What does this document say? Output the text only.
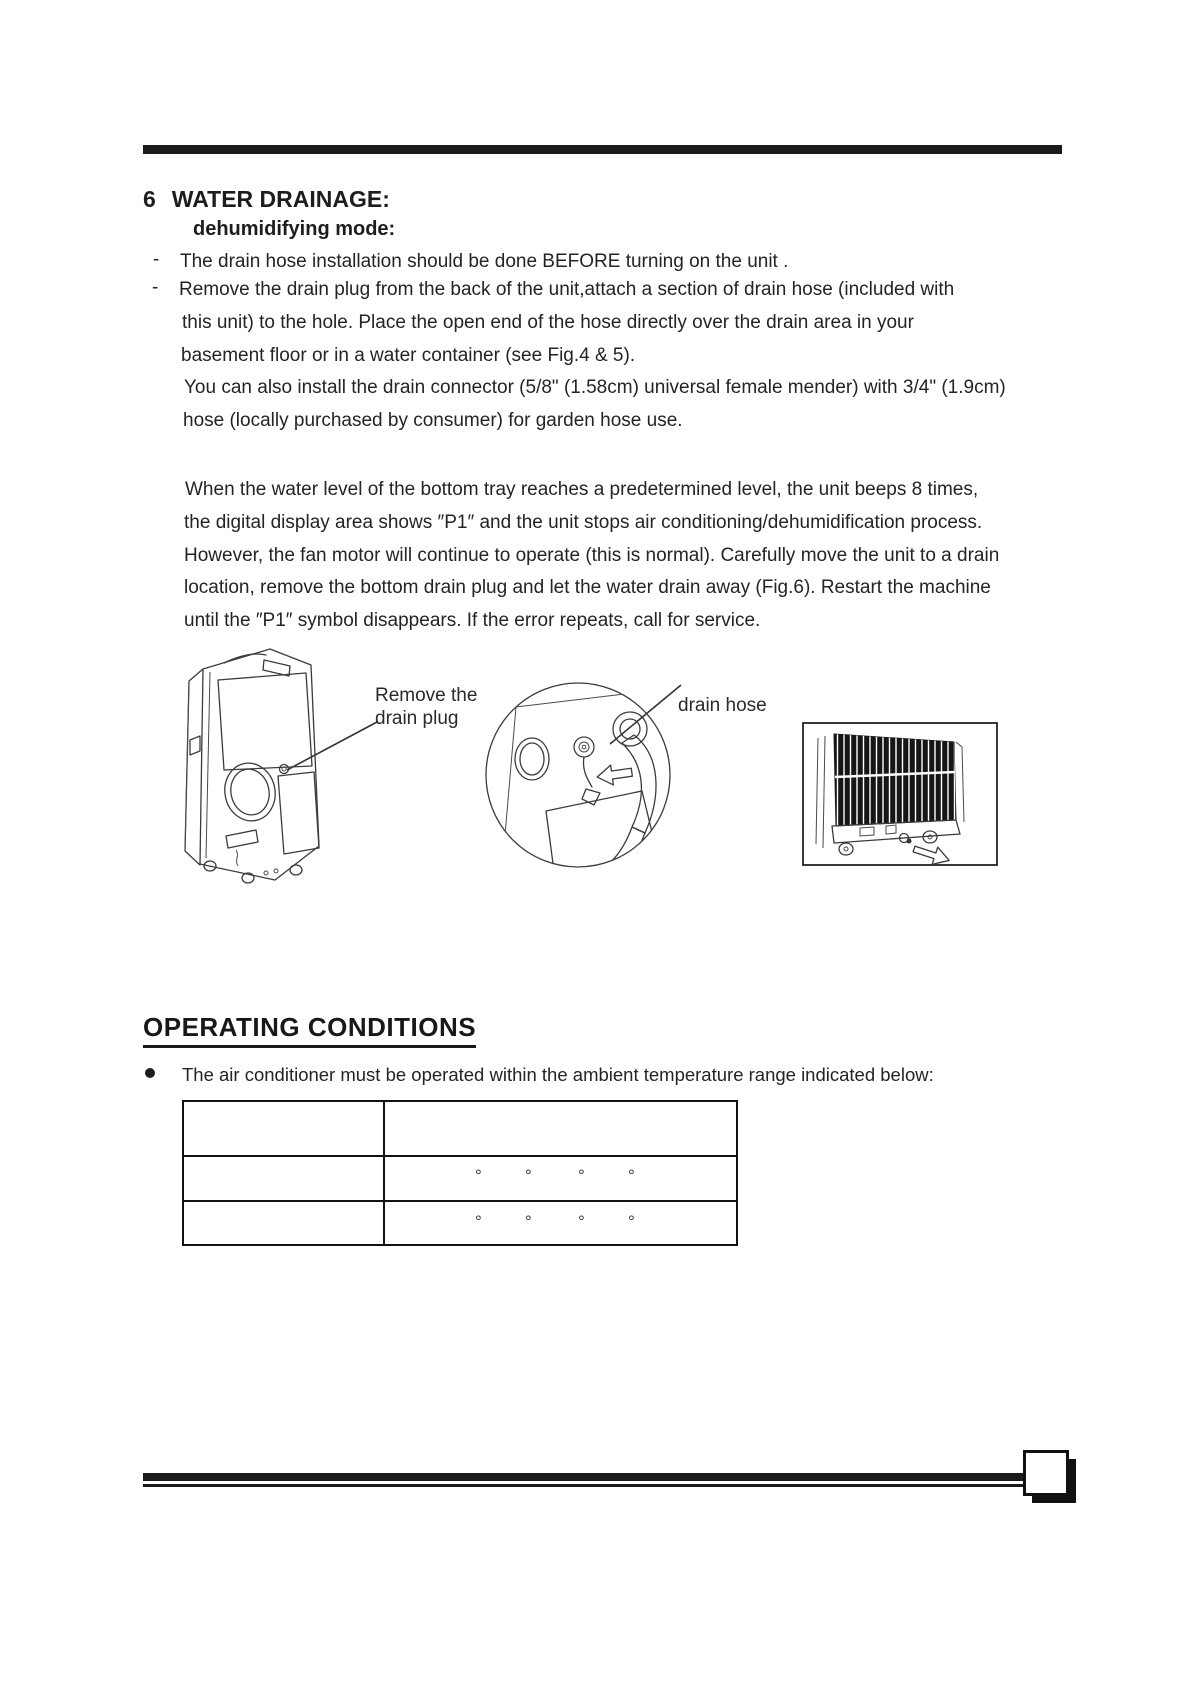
6 WATER DRAINAGE:
dehumidifying mode:
- The drain hose installation should be done BEFORE turning on the unit .
- Remove the drain plug from the back of the unit,attach a section of drain hose (included with
this unit) to the hole. Place the open end of the hose directly over the drain area in your
basement floor or in a water container (see Fig.4 & 5).
You can also install the drain connector (5/8" (1.58cm) universal female mender) with 3/4" (1.9cm)
hose (locally purchased by consumer) for garden hose use.
When the water level of the bottom tray reaches a predetermined level, the unit beeps 8 times,
the digital display area shows ″P1″ and the unit stops air conditioning/dehumidification process.
However, the fan motor will continue to operate (this is normal). Carefully move the unit to a drain
location, remove the bottom drain plug and let the water drain away (Fig.6). Restart the machine
until the ″P1″ symbol disappears. If the error repeats, call for service.
Remove the
drain plug
drain hose
OPERATING CONDITIONS
The air conditioner must be operated within the ambient temperature range indicated below:
°	°	°	°
°	°	°	°
